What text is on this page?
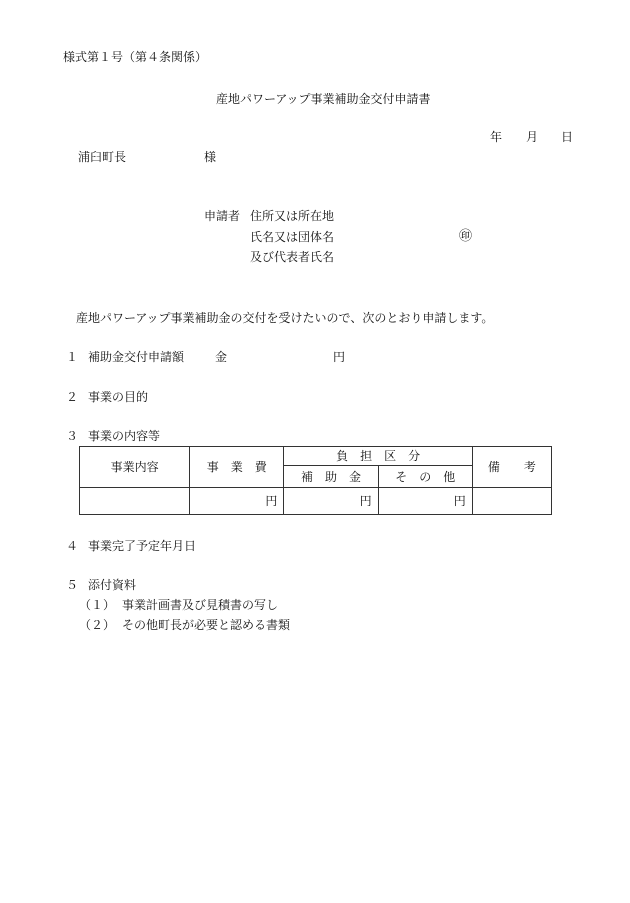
様式第１号（第４条関係）
産地パワーアップ事業補助金交付申請書
年 月 日
浦臼町長	様
申請者 住所又は所在地
氏名又は団体名	㊞
及び代表者氏名
産地パワーアップ事業補助金の交付を受けたいので、次のとおり申請します。
１ 補助金交付申請額	金	円
２ 事業の目的
３ 事業の内容等
事業内容	事　業　費	負　担　区　分		備　　考
		補　助　金	そ　の　他	
	円	円	円	
４ 事業完了予定年月日
５ 添付資料
（１） 事業計画書及び見積書の写し
（２） その他町長が必要と認める書類
